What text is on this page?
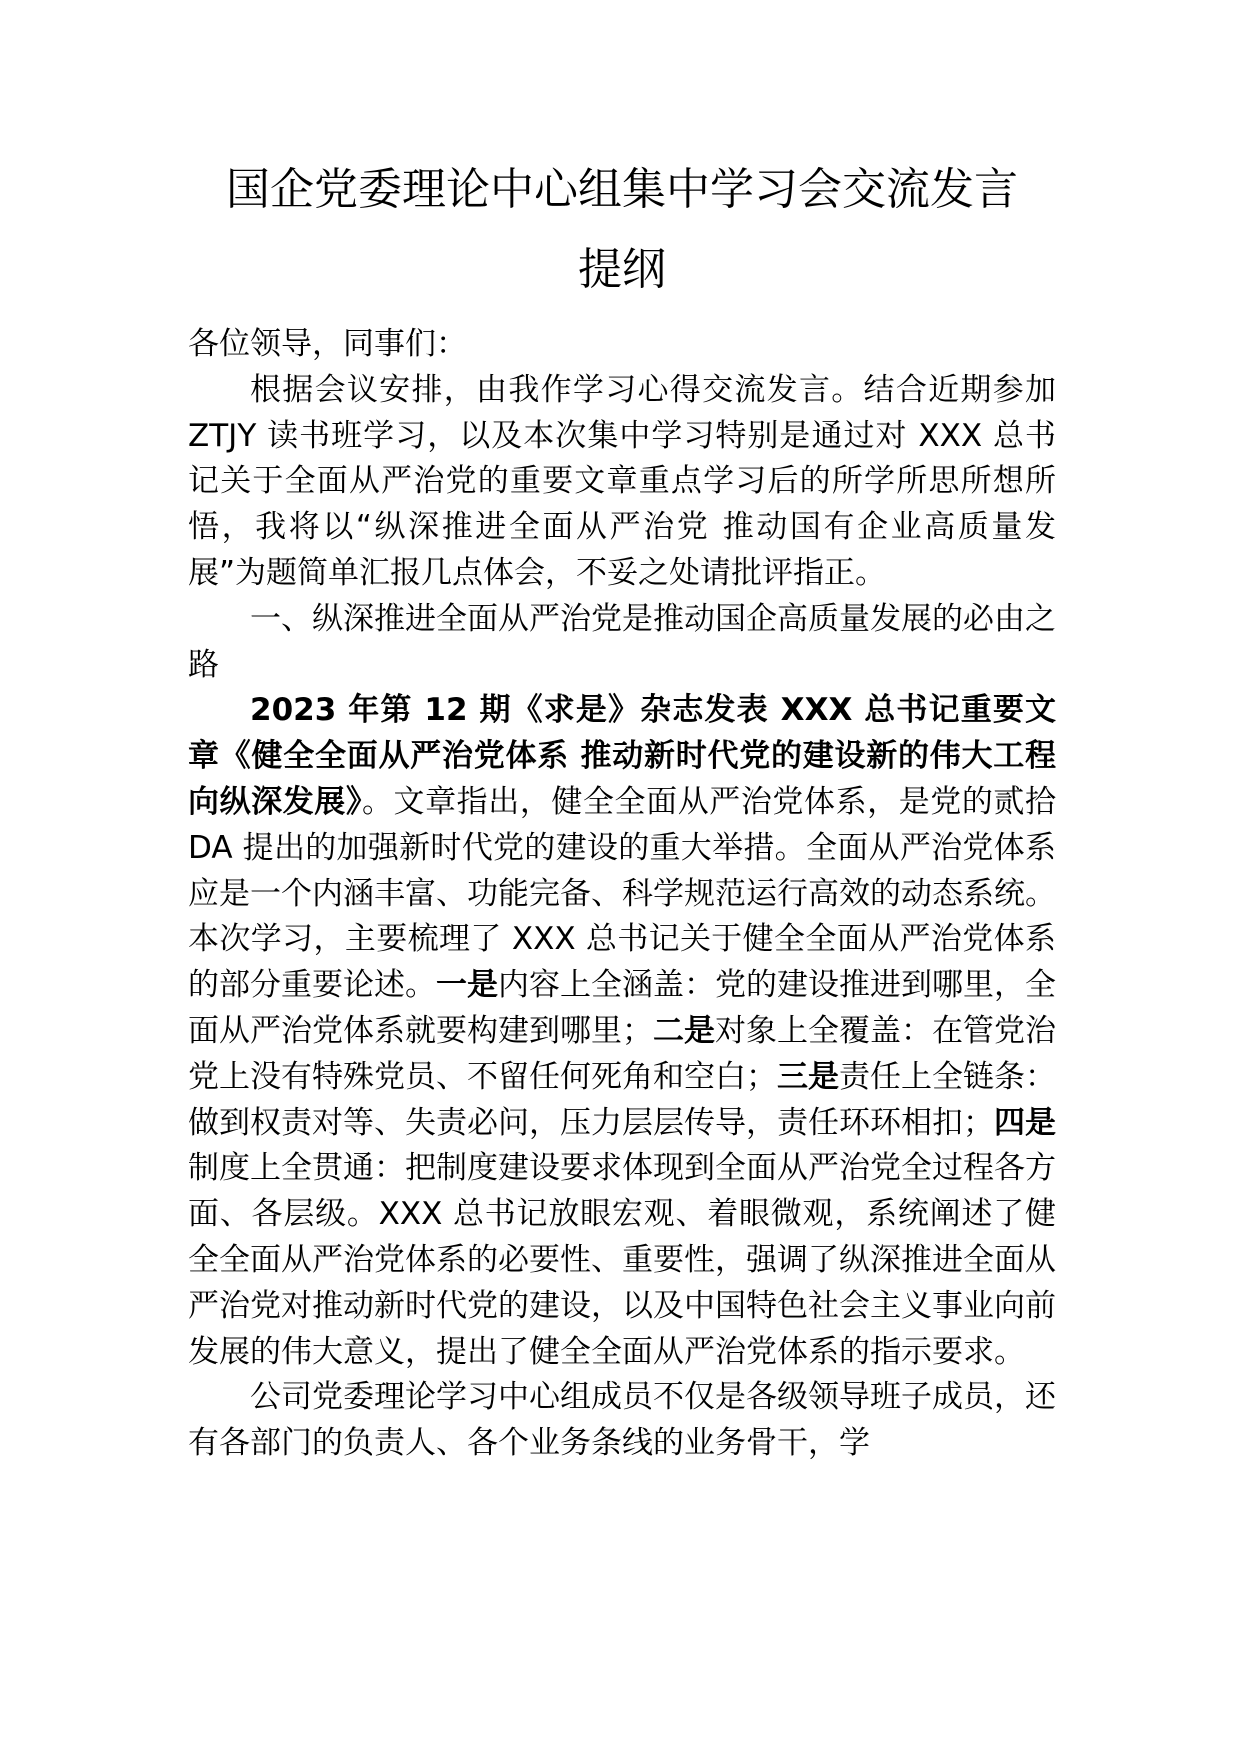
国企党委理论中心组集中学习会交流发言
提纲

各位领导，同事们：

根据会议安排，由我作学习心得交流发言。结合近期参加 ZTJY 读书班学习，以及本次集中学习特别是通过对 XXX 总书记关于全面从严治党的重要文章重点学习后的所学所思所想所悟，我将以“纵深推进全面从严治党 推动国有企业高质量发展”为题简单汇报几点体会，不妥之处请批评指正。

一、纵深推进全面从严治党是推动国企高质量发展的必由之路

2023 年第 12 期《求是》杂志发表 XXX 总书记重要文章《健全全面从严治党体系 推动新时代党的建设新的伟大工程向纵深发展》。文章指出，健全全面从严治党体系，是党的贰拾 DA 提出的加强新时代党的建设的重大举措。全面从严治党体系应是一个内涵丰富、功能完备、科学规范运行高效的动态系统。本次学习，主要梳理了 XXX 总书记关于健全全面从严治党体系的部分重要论述。一是内容上全涵盖：党的建设推进到哪里，全面从严治党体系就要构建到哪里；二是对象上全覆盖：在管党治党上没有特殊党员、不留任何死角和空白；三是责任上全链条：做到权责对等、失责必问，压力层层传导，责任环环相扣；四是制度上全贯通：把制度建设要求体现到全面从严治党全过程各方面、各层级。XXX 总书记放眼宏观、着眼微观，系统阐述了健全全面从严治党体系的必要性、重要性，强调了纵深推进全面从严治党对推动新时代党的建设，以及中国特色社会主义事业向前发展的伟大意义，提出了健全全面从严治党体系的指示要求。

公司党委理论学习中心组成员不仅是各级领导班子成员，还有各部门的负责人、各个业务条线的业务骨干，学
